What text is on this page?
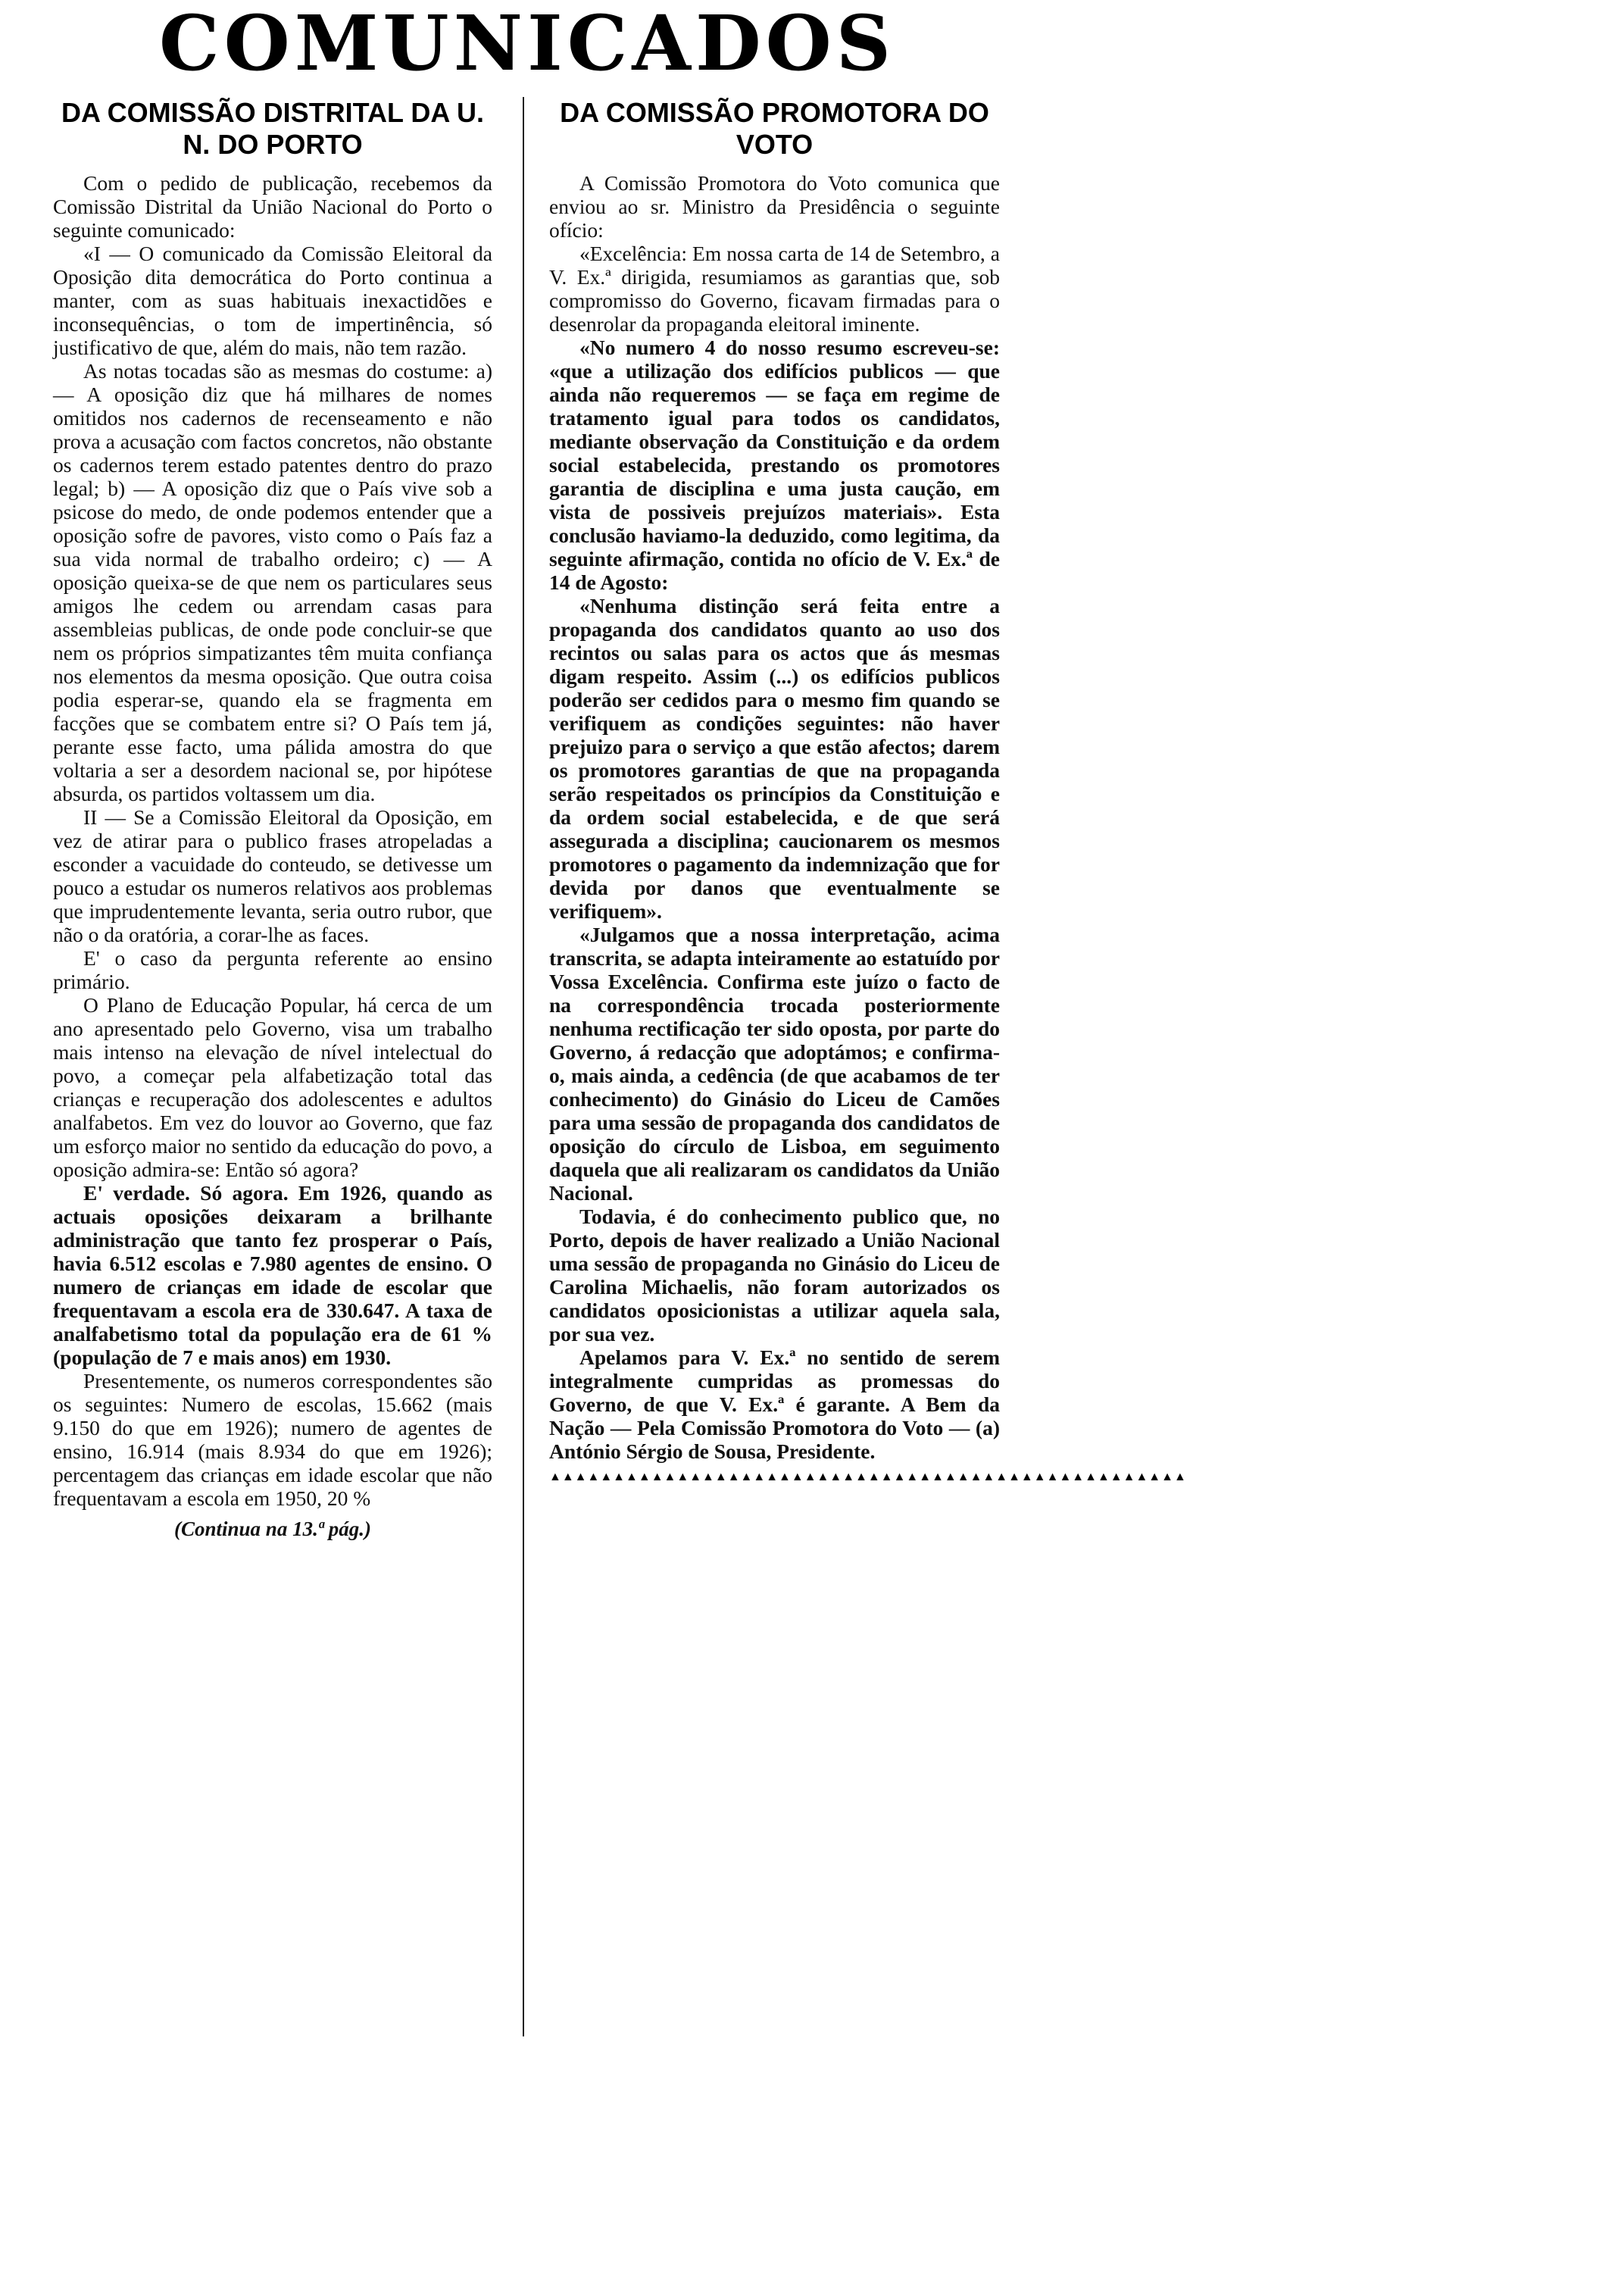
COMUNICADOS
DA COMISSÃO DISTRITAL DA U. N. DO PORTO

Com o pedido de publicação, recebemos da Comissão Distrital da União Nacional do Porto o seguinte comunicado:

«I — O comunicado da Comissão Eleitoral da Oposição dita democrática do Porto continua a manter, com as suas habituais inexactidões e inconsequências, o tom de impertinência, só justificativo de que, além do mais, não tem razão.

As notas tocadas são as mesmas do costume: a) — A oposição diz que há milhares de nomes omitidos nos cadernos de recenseamento e não prova a acusação com factos concretos, não obstante os cadernos terem estado patentes dentro do prazo legal; b) — A oposição diz que o País vive sob a psicose do medo, de onde podemos entender que a oposição sofre de pavores, visto como o País faz a sua vida normal de trabalho ordeiro; c) — A oposição queixa-se de que nem os particulares seus amigos lhe cedem ou arrendam casas para assembleias publicas, de onde pode concluir-se que nem os próprios simpatizantes têm muita confiança nos elementos da mesma oposição. Que outra coisa podia esperar-se, quando ela se fragmenta em facções que se combatem entre si? O País tem já, perante esse facto, uma pálida amostra do que voltaria a ser a desordem nacional se, por hipótese absurda, os partidos voltassem um dia.

II — Se a Comissão Eleitoral da Oposição, em vez de atirar para o publico frases atropeladas a esconder a vacuidade do conteudo, se detivesse um pouco a estudar os numeros relativos aos problemas que imprudentemente levanta, seria outro rubor, que não o da oratória, a corar-lhe as faces.

E' o caso da pergunta referente ao ensino primário.

O Plano de Educação Popular, há cerca de um ano apresentado pelo Governo, visa um trabalho mais intenso na elevação de nível intelectual do povo, a começar pela alfabetização total das crianças e recuperação dos adolescentes e adultos analfabetos. Em vez do louvor ao Governo, que faz um esforço maior no sentido da educação do povo, a oposição admira-se: Então só agora?

E' verdade. Só agora. Em 1926, quando as actuais oposições deixaram a brilhante administração que tanto fez prosperar o País, havia 6.512 escolas e 7.980 agentes de ensino. O numero de crianças em idade de escolar que frequentavam a escola era de 330.647. A taxa de analfabetismo total da população era de 61 % (população de 7 e mais anos) em 1930.

Presentemente, os numeros correspondentes são os seguintes: Numero de escolas, 15.662 (mais 9.150 do que em 1926); numero de agentes de ensino, 16.914 (mais 8.934 do que em 1926); percentagem das crianças em idade escolar que não frequentavam a escola em 1950, 20 %

(Continua na 13.ª pág.)
DA COMISSÃO PROMOTORA DO VOTO

A Comissão Promotora do Voto comunica que enviou ao sr. Ministro da Presidência o seguinte ofício:

«Excelência: Em nossa carta de 14 de Setembro, a V. Ex.ª dirigida, resumiamos as garantias que, sob compromisso do Governo, ficavam firmadas para o desenrolar da propaganda eleitoral iminente.

«No numero 4 do nosso resumo escreveu-se: «que a utilização dos edifícios publicos — que ainda não requeremos — se faça em regime de tratamento igual para todos os candidatos, mediante observação da Constituição e da ordem social estabelecida, prestando os promotores garantia de disciplina e uma justa caução, em vista de possiveis prejuízos materiais». Esta conclusão haviamo-la deduzido, como legitima, da seguinte afirmação, contida no ofício de V. Ex.ª de 14 de Agosto:

«Nenhuma distinção será feita entre a propaganda dos candidatos quanto ao uso dos recintos ou salas para os actos que ás mesmas digam respeito. Assim (...) os edifícios publicos poderão ser cedidos para o mesmo fim quando se verifiquem as condições seguintes: não haver prejuizo para o serviço a que estão afectos; darem os promotores garantias de que na propaganda serão respeitados os princípios da Constituição e da ordem social estabelecida, e de que será assegurada a disciplina; caucionarem os mesmos promotores o pagamento da indemnização que for devida por danos que eventualmente se verifiquem».

«Julgamos que a nossa interpretação, acima transcrita, se adapta inteiramente ao estatuído por Vossa Excelência. Confirma este juízo o facto de na correspondência trocada posteriormente nenhuma rectificação ter sido oposta, por parte do Governo, á redacção que adoptámos; e confirma-o, mais ainda, a cedência (de que acabamos de ter conhecimento) do Ginásio do Liceu de Camões para uma sessão de propaganda dos candidatos de oposição do círculo de Lisboa, em seguimento daquela que ali realizaram os candidatos da União Nacional.

Todavia, é do conhecimento publico que, no Porto, depois de haver realizado a União Nacional uma sessão de propaganda no Ginásio do Liceu de Carolina Michaelis, não foram autorizados os candidatos oposicionistas a utilizar aquela sala, por sua vez.

Apelamos para V. Ex.ª no sentido de serem integralmente cumpridas as promessas do Governo, de que V. Ex.ª é garante. A Bem da Nação — Pela Comissão Promotora do Voto — (a) António Sérgio de Sousa, Presidente.

▲▲▲▲▲▲▲▲▲▲▲▲▲▲▲▲▲▲▲▲▲▲▲▲▲▲▲▲▲▲▲▲▲▲▲▲▲▲▲▲▲▲▲▲▲▲▲▲▲▲
